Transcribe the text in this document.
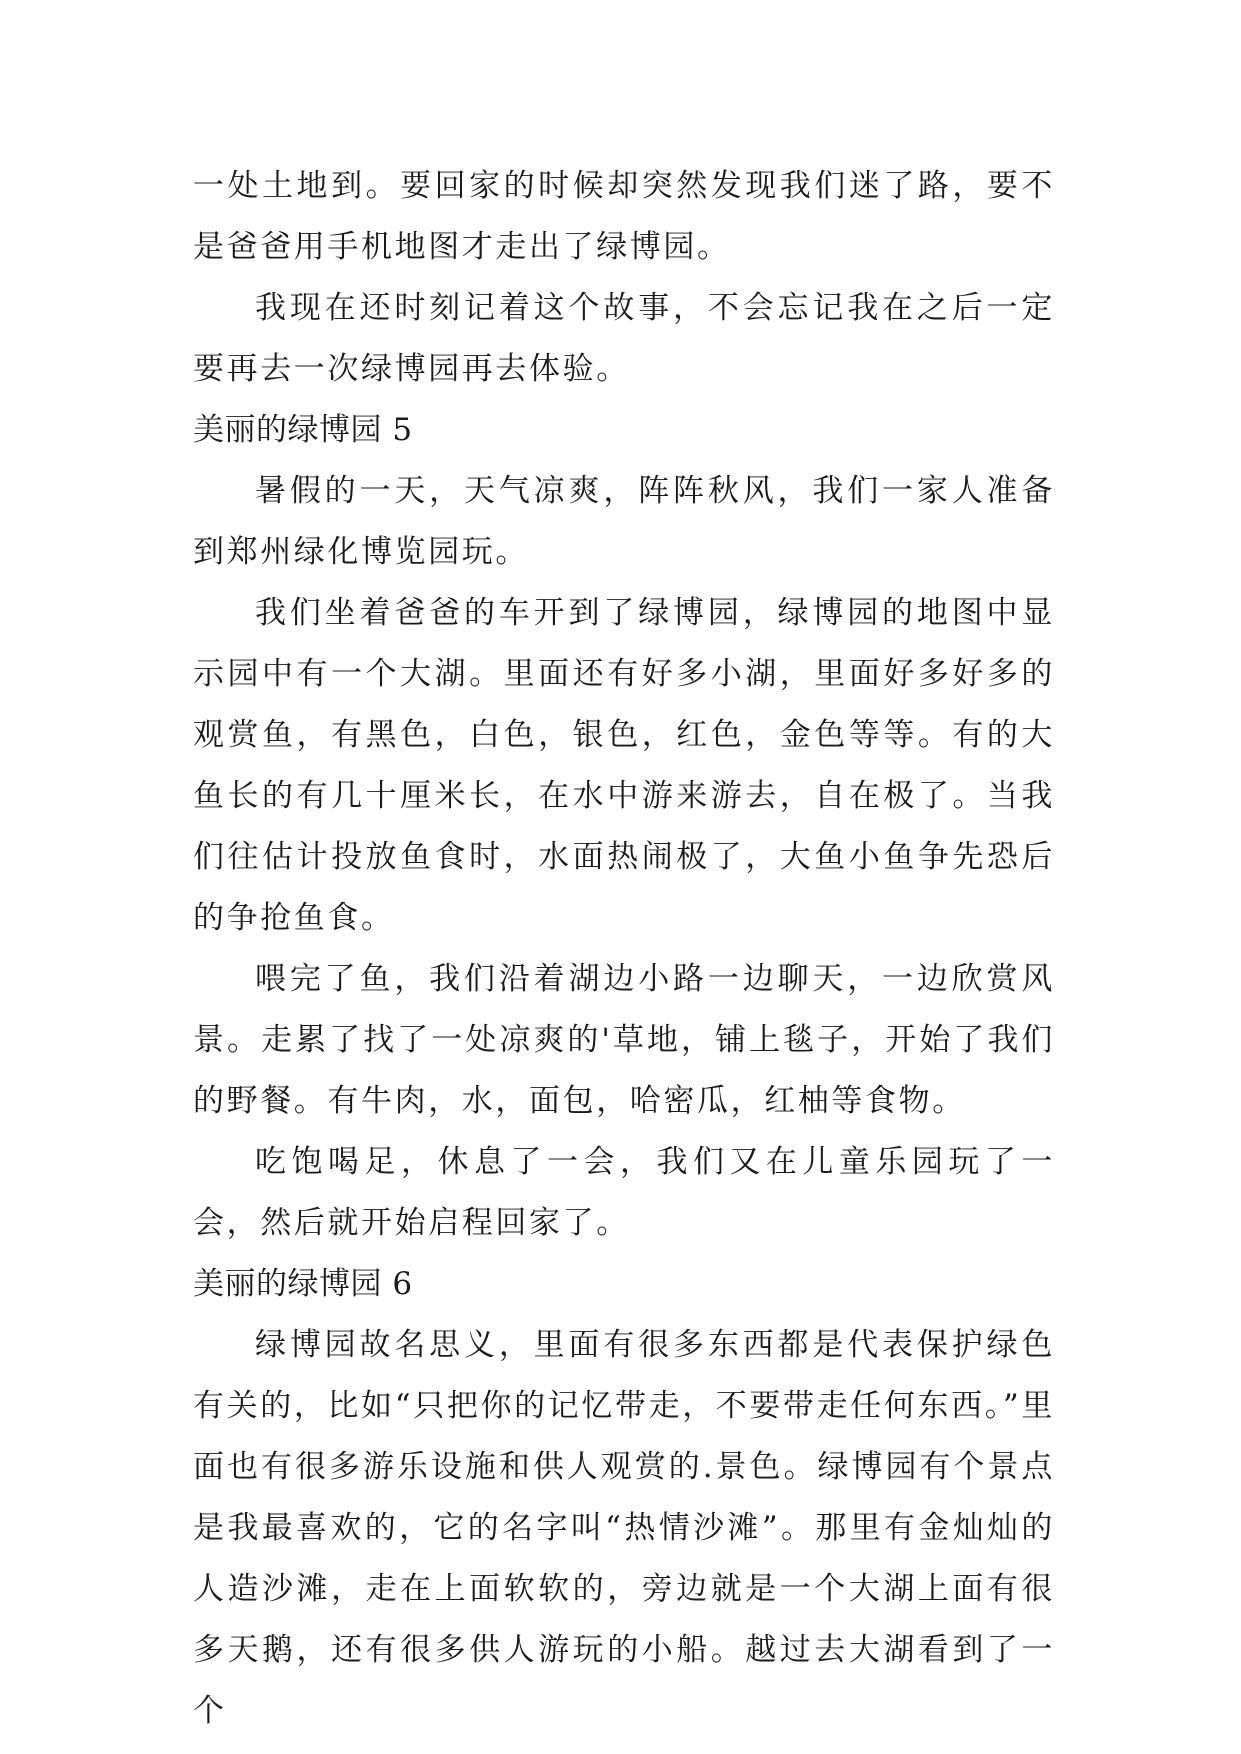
一处土地到。要回家的时候却突然发现我们迷了路，要不是爸爸用手机地图才走出了绿博园。

我现在还时刻记着这个故事，不会忘记我在之后一定要再去一次绿博园再去体验。

美丽的绿博园 5

暑假的一天，天气凉爽，阵阵秋风，我们一家人准备到郑州绿化博览园玩。

我们坐着爸爸的车开到了绿博园，绿博园的地图中显示园中有一个大湖。里面还有好多小湖，里面好多好多的观赏鱼，有黑色，白色，银色，红色，金色等等。有的大鱼长的有几十厘米长，在水中游来游去，自在极了。当我们往估计投放鱼食时，水面热闹极了，大鱼小鱼争先恐后的争抢鱼食。

喂完了鱼，我们沿着湖边小路一边聊天，一边欣赏风景。走累了找了一处凉爽的'草地，铺上毯子，开始了我们的野餐。有牛肉，水，面包，哈密瓜，红柚等食物。

吃饱喝足，休息了一会，我们又在儿童乐园玩了一会，然后就开始启程回家了。

美丽的绿博园 6

绿博园故名思义，里面有很多东西都是代表保护绿色有关的，比如“只把你的记忆带走，不要带走任何东西。”里面也有很多游乐设施和供人观赏的.景色。绿博园有个景点是我最喜欢的，它的名字叫“热情沙滩”。那里有金灿灿的人造沙滩，走在上面软软的，旁边就是一个大湖上面有很多天鹅，还有很多供人游玩的小船。越过去大湖看到了一个
